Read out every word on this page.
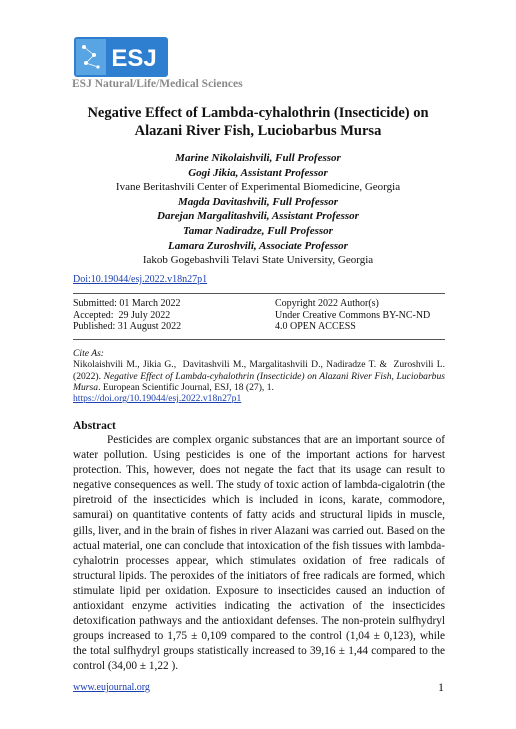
ESJ
ESJ Natural/Life/Medical Sciences
Negative Effect of Lambda-cyhalothrin (Insecticide) on
Alazani River Fish, Luciobarbus Mursa
Marine Nikolaishvili, Full Professor
Gogi Jikia, Assistant Professor
Ivane Beritashvili Center of Experimental Biomedicine, Georgia
Magda Davitashvili, Full Professor
Darejan Margalitashvili, Assistant Professor
Tamar Nadiradze, Full Professor
Lamara Zuroshvili, Associate Professor
Iakob Gogebashvili Telavi State University, Georgia
Doi:10.19044/esj.2022.v18n27p1
Submitted: 01 March 2022
Accepted:  29 July 2022
Published: 31 August 2022
Copyright 2022 Author(s)
Under Creative Commons BY-NC-ND
4.0 OPEN ACCESS
Cite As:
Nikolaishvili M., Jikia G.,  Davitashvili M., Margalitashvili D., Nadiradze T. &  Zuroshvili L. (2022). Negative Effect of Lambda-cyhalothrin (Insecticide) on Alazani River Fish, Luciobarbus Mursa. European Scientific Journal, ESJ, 18 (27), 1.
https://doi.org/10.19044/esj.2022.v18n27p1
Abstract
Pesticides are complex organic substances that are an important source of water pollution. Using pesticides is one of the important actions for harvest protection. This, however, does not negate the fact that its usage can result to negative consequences as well. The study of toxic action of lambda-cigalotrin (the piretroid of the insecticides which is included in icons, karate, commodore, samurai) on quantitative contents of fatty acids and structural lipids in muscle, gills, liver, and in the brain of fishes in river Alazani was carried out. Based on the actual material, one can conclude that intoxication of the fish tissues with lambda-cyhalotrin processes appear, which stimulates oxidation of free radicals of structural lipids. The peroxides of the initiators of free radicals are formed, which stimulate lipid per oxidation. Exposure to insecticides caused an induction of antioxidant enzyme activities indicating the activation of the insecticides detoxification pathways and the antioxidant defenses. The non-protein sulfhydryl groups increased to 1,75 ± 0,109 compared to the control (1,04 ± 0,123), while the total sulfhydryl groups statistically increased to 39,16 ± 1,44 compared to the control (34,00 ± 1,22 ).
www.eujournal.org	1
